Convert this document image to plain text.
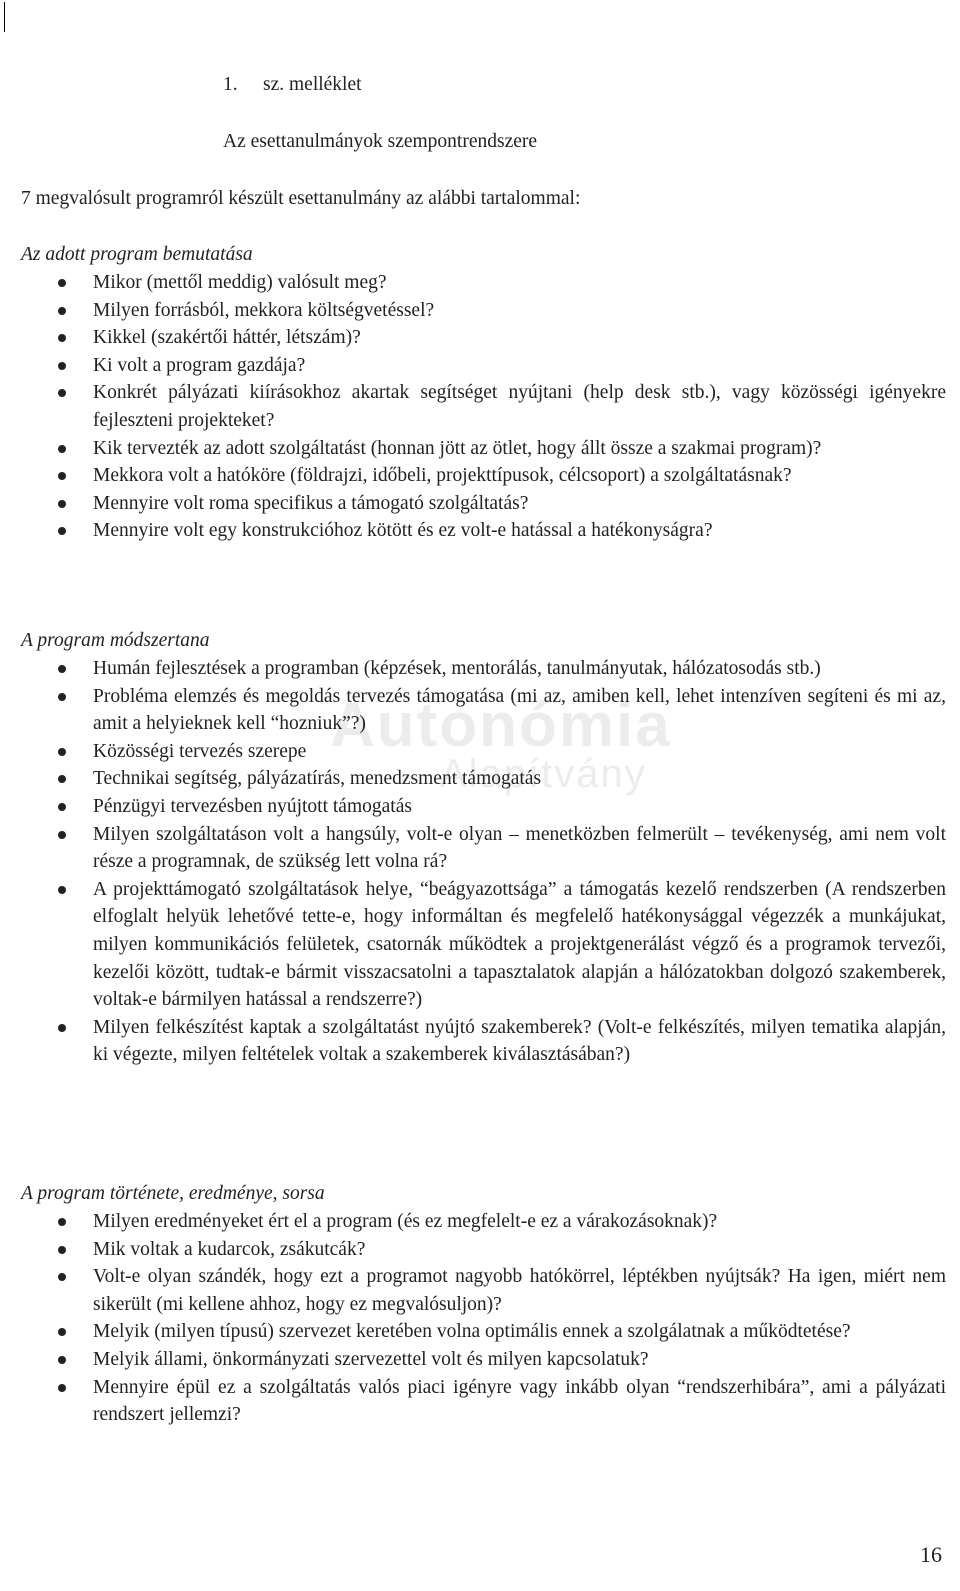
Autonómia
Alapítvány
1. sz. melléklet
Az esettanulmányok szempontrendszere
7 megvalósult programról készült esettanulmány az alábbi tartalommal:
Az adott program bemutatása
Mikor (mettől meddig) valósult meg?
Milyen forrásból, mekkora költségvetéssel?
Kikkel (szakértői háttér, létszám)?
Ki volt a program gazdája?
Konkrét pályázati kiírásokhoz akartak segítséget nyújtani (help desk stb.), vagy közösségi igényekre fejleszteni projekteket?
Kik tervezték az adott szolgáltatást (honnan jött az ötlet, hogy állt össze a szakmai program)?
Mekkora volt a hatóköre (földrajzi, időbeli, projekttípusok, célcsoport) a szolgáltatásnak?
Mennyire volt roma specifikus a támogató szolgáltatás?
Mennyire volt egy konstrukcióhoz kötött és ez volt-e hatással a hatékonyságra?
A program módszertana
Humán fejlesztések a programban (képzések, mentorálás, tanulmányutak, hálózatosodás stb.)
Probléma elemzés és megoldás tervezés támogatása (mi az, amiben kell, lehet intenzíven segíteni és mi az, amit a helyieknek kell “hozniuk”?)
Közösségi tervezés szerepe
Technikai segítség, pályázatírás, menedzsment támogatás
Pénzügyi tervezésben nyújtott támogatás
Milyen szolgáltatáson volt a hangsúly, volt-e olyan – menetközben felmerült – tevékenység, ami nem volt része a programnak, de szükség lett volna rá?
A projekttámogató szolgáltatások helye, “beágyazottsága” a támogatás kezelő rendszerben (A rendszerben elfoglalt helyük lehetővé tette-e, hogy informáltan és megfelelő hatékonysággal végezzék a munkájukat, milyen kommunikációs felületek, csatornák működtek a projektgenerálást végző és a programok tervezői, kezelői között, tudtak-e bármit visszacsatolni a tapasztalatok alapján a hálózatokban dolgozó szakemberek, voltak-e bármilyen hatással a rendszerre?)
Milyen felkészítést kaptak a szolgáltatást nyújtó szakemberek? (Volt-e felkészítés, milyen tematika alapján, ki végezte, milyen feltételek voltak a szakemberek kiválasztásában?)
A program története, eredménye, sorsa
Milyen eredményeket ért el a program (és ez megfelelt-e ez a várakozásoknak)?
Mik voltak a kudarcok, zsákutcák?
Volt-e olyan szándék, hogy ezt a programot nagyobb hatókörrel, léptékben nyújtsák? Ha igen, miért nem sikerült (mi kellene ahhoz, hogy ez megvalósuljon)?
Melyik (milyen típusú) szervezet keretében volna optimális ennek a szolgálatnak a működtetése?
Melyik állami, önkormányzati szervezettel volt és milyen kapcsolatuk?
Mennyire épül ez a szolgáltatás valós piaci igényre vagy inkább olyan “rendszerhibára”, ami a pályázati rendszert jellemzi?
16
